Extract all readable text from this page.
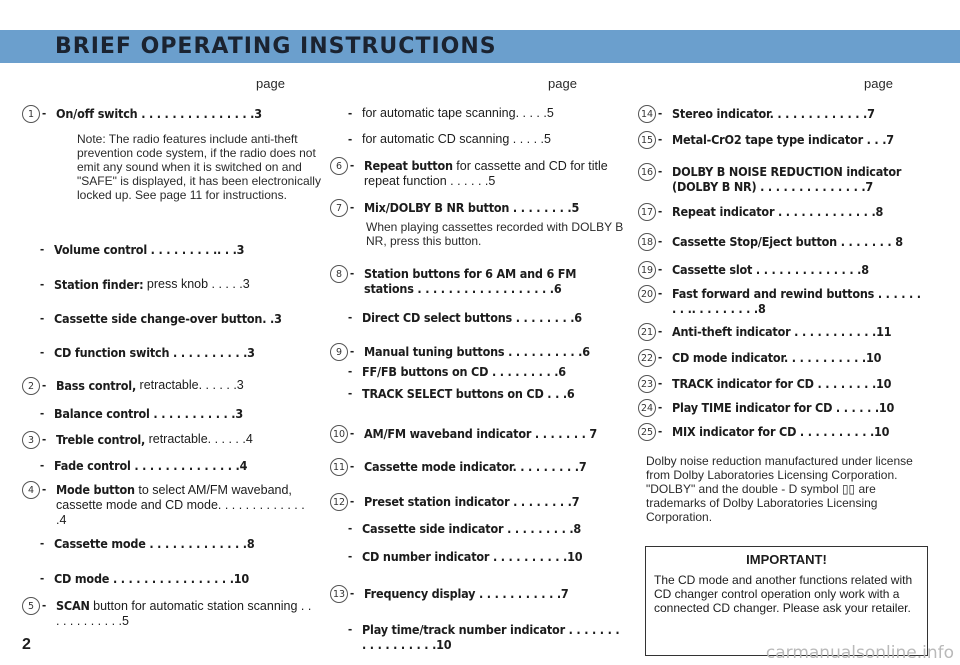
BRIEF OPERATING INSTRUCTIONS
page
1 - On/off switch . . . . . . . . . . . . . . .3
Note: The radio features include anti-theft prevention code system, if the radio does not emit any sound when it is switched on and "SAFE" is displayed, it has been electronically locked up. See page 11 for instructions.
- Volume control . . . . . . . . .. . .3
- Station finder:
press knob . . . . .3
- Cassette side change-over button. .3
- CD function switch . . . . . . . . . .3
2 - Bass control,
retractable. . . . . .3
- Balance control . . . . . . . . . . .3
3 - Treble control,
retractable. . . . . .4
- Fade control . . . . . . . . . . . . . .4
4 - Mode button to select AM/FM waveband, cassette mode and CD mode. . . . . . . . . . . . . .4
- Cassette mode . . . . . . . . . . . . .8
- CD mode . . . . . . . . . . . . . . . .10
5 - SCAN button for automatic station scanning . . . . . . . . . . . .5
page
- for automatic tape scanning. . . . .5
- for automatic CD scanning . . . . .5
6 - Repeat button for cassette and CD for title repeat function . . . . . .5
7 - Mix/DOLBY B NR button . . . . . . . .5
When playing cassettes recorded with DOLBY B NR, press this button.
8 - Station buttons for 6 AM and 6 FM stations . . . . . . . . . . . . . . . . . .6
- Direct CD select buttons . . . . . . . .6
9 - Manual tuning buttons . . . . . . . . . .6
- FF/FB buttons on CD . . . . . . . . .6
- TRACK SELECT buttons on CD . . .6
10 - AM/FM waveband indicator . . . . . . . 7
11 - Cassette mode indicator. . . . . . . . .7
12 - Preset station indicator . . . . . . . .7
- Cassette side indicator . . . . . . . . .8
- CD number indicator . . . . . . . . . .10
13 - Frequency display . . . . . . . . . . .7
- Play time/track number indicator . . . . . . . . . . . . . . . . .10
page
14 - Stereo indicator. . . . . . . . . . . . .7
15 - Metal-CrO2 tape type indicator . . .7
16 - DOLBY B NOISE REDUCTION indicator (DOLBY B NR) . . . . . . . . . . . . . .7
17 - Repeat indicator . . . . . . . . . . . . .8
18 - Cassette Stop/Eject button . . . . . . . 8
19 - Cassette slot . . . . . . . . . . . . . .8
20 - Fast forward and rewind buttons . . . . . . . . .. . . . . . . . .8
21 - Anti-theft indicator . . . . . . . . . . .11
22 - CD mode indicator. . . . . . . . . . .10
23 - TRACK indicator for CD . . . . . . . .10
24 - Play TIME indicator for CD . . . . . .10
25 - MIX indicator for CD . . . . . . . . . .10
Dolby noise reduction manufactured under license from Dolby Laboratories Licensing Corporation. "DOLBY" and the double - D symbol ▯▯ are trademarks of Dolby Laboratories Licensing Corporation.
IMPORTANT!
The CD mode and another functions related with CD changer control operation only work with a connected CD changer. Please ask your retailer.
2	carmanualsonline.info
